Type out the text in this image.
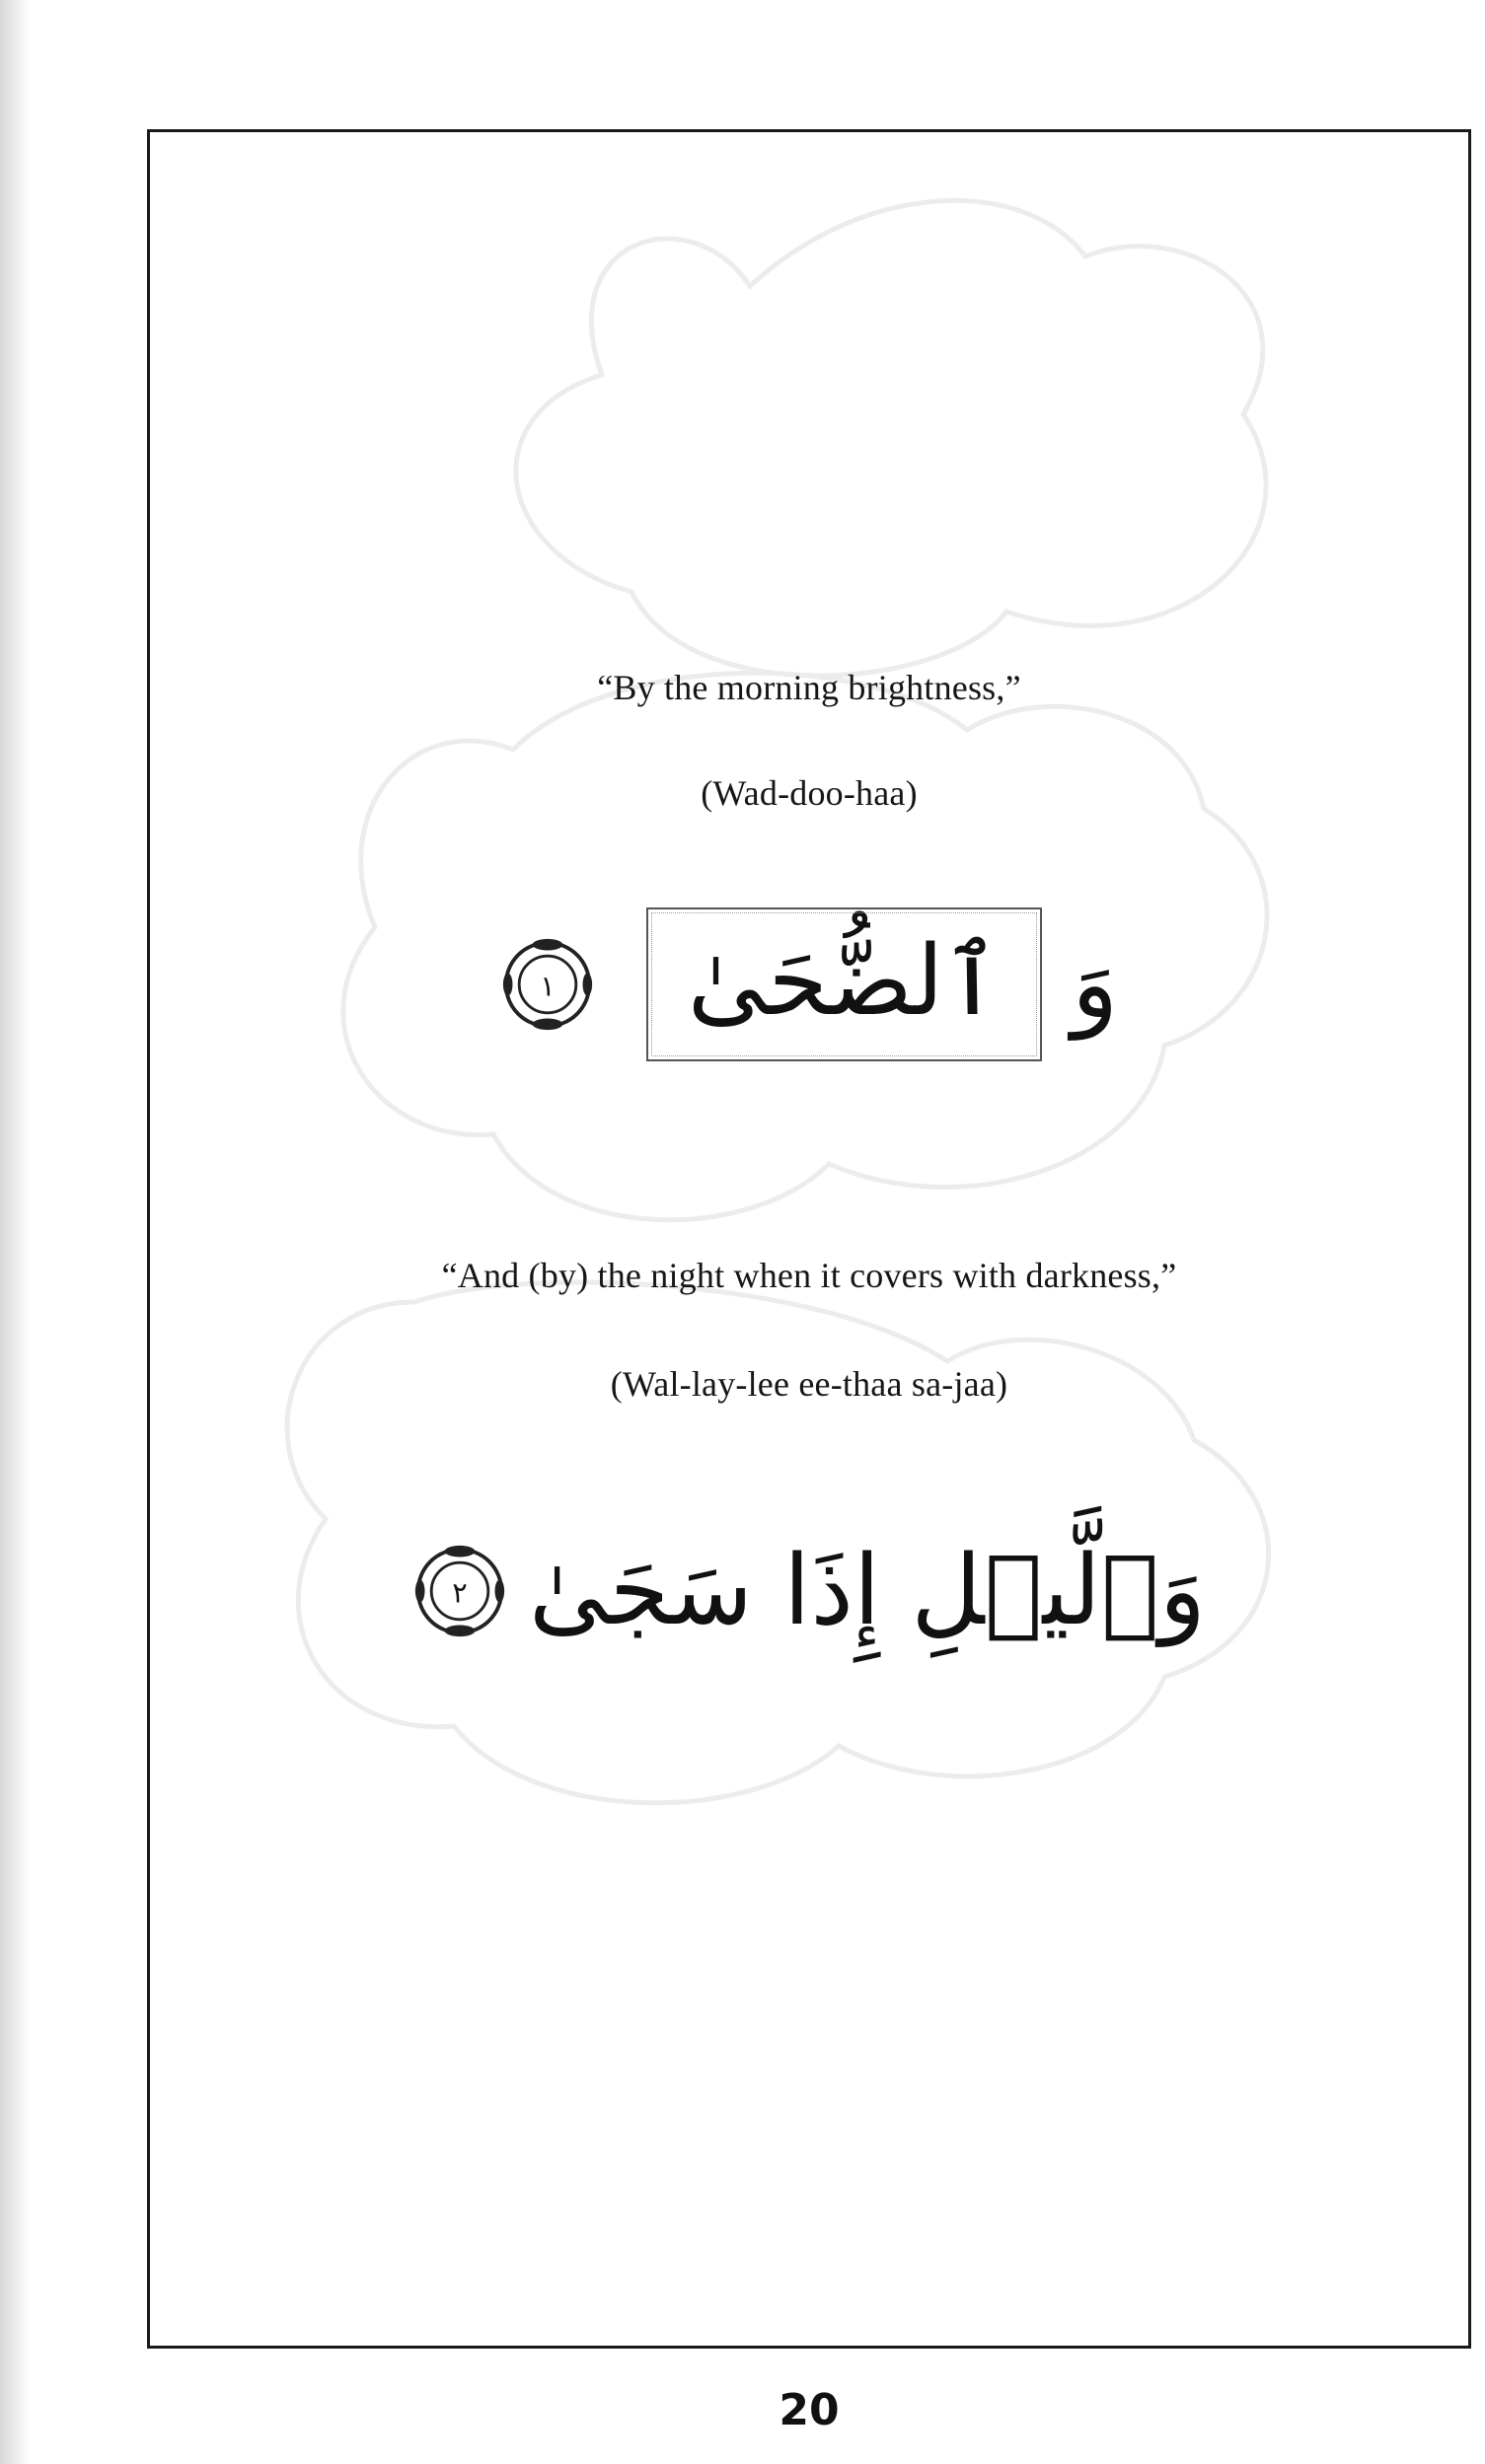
“By the morning brightness,”
(Wad-doo-haa)
وَ
ٱلضُّحَىٰ
١
“And (by) the night when it covers with darkness,”
(Wal-lay-lee ee-thaa sa-jaa)
وَٱلَّيۡلِ إِذَا سَجَىٰ
٢
20
